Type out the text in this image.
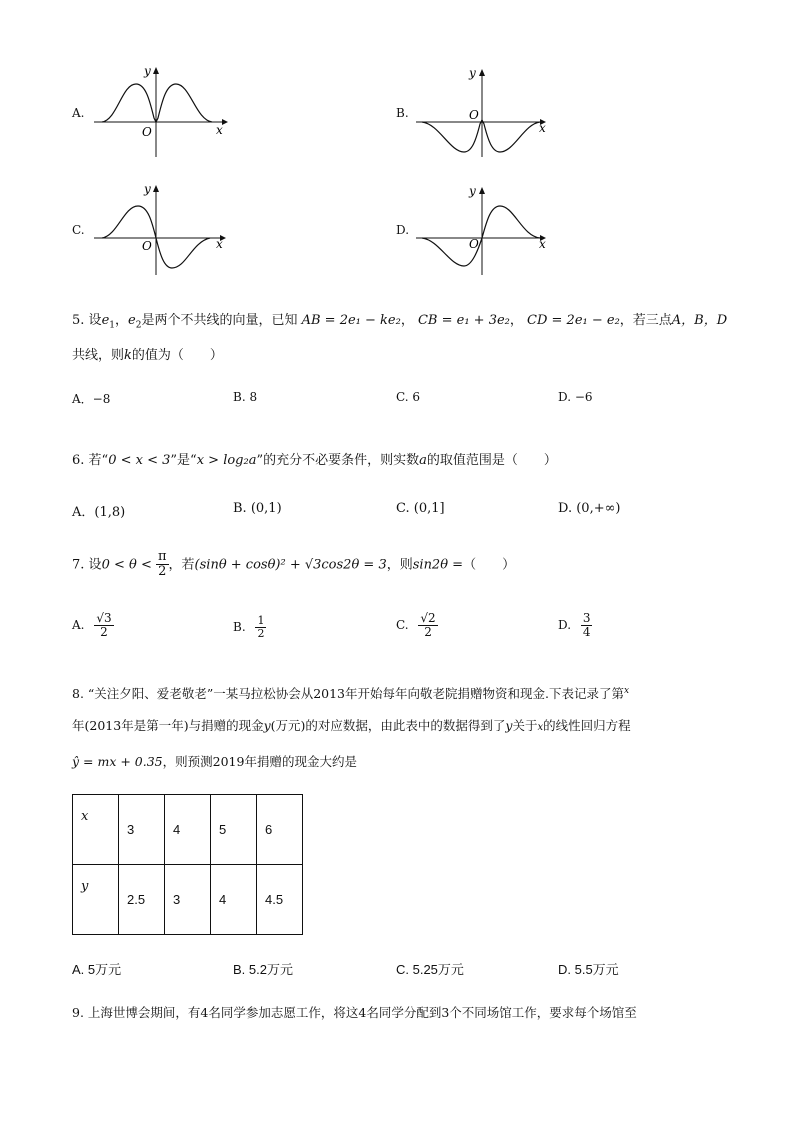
A.
y
x
O
B.
y
x
O
C.
y
x
O
D.
y
x
O
5. 设$e_1$，$e_2$是两个不共线的向量，已知 AB = 2e₁ − ke₂， CB = e₁ + 3e₂， CD = 2e₁ − e₂，若三点A，B，D
共线，则k的值为（　　）
A．−8	B. 8	C. 6	D. −6
6. 若“0 < x < 3”是“x > log₂a”的充分不必要条件，则实数a的取值范围是（　　）
A．(1,8)	B. (0,1)	C. (0,1]	D. (0,+∞)
7. 设$0 < \theta < \frac{\pi}{2}$ ，若(sinθ + cosθ)² + √3cos2θ = 3，则sin2θ =（　　）
A. $\frac{√3}{2}$	B. $\frac{1}{2}$	C. $\frac{√2}{2}$	D. $\frac{3}{4}$
8. “关注夕阳、爱老敬老”一某马拉松协会从2013年开始每年向敬老院捐赠物资和现金.下表记录了第$^x$
年(2013年是第一年)与捐赠的现金y(万元)的对应数据，由此表中的数据得到了y关于x的线性回归方程
ŷ = mx + 0.35，则预测2019年捐赠的现金大约是
x	3	4	5	6
y	2.5	3	4	4.5
A. 5万元	B. 5.2万元	C. 5.25万元	D. 5.5万元
9. 上海世博会期间，有4名同学参加志愿工作，将这4名同学分配到3个不同场馆工作，要求每个场馆至
